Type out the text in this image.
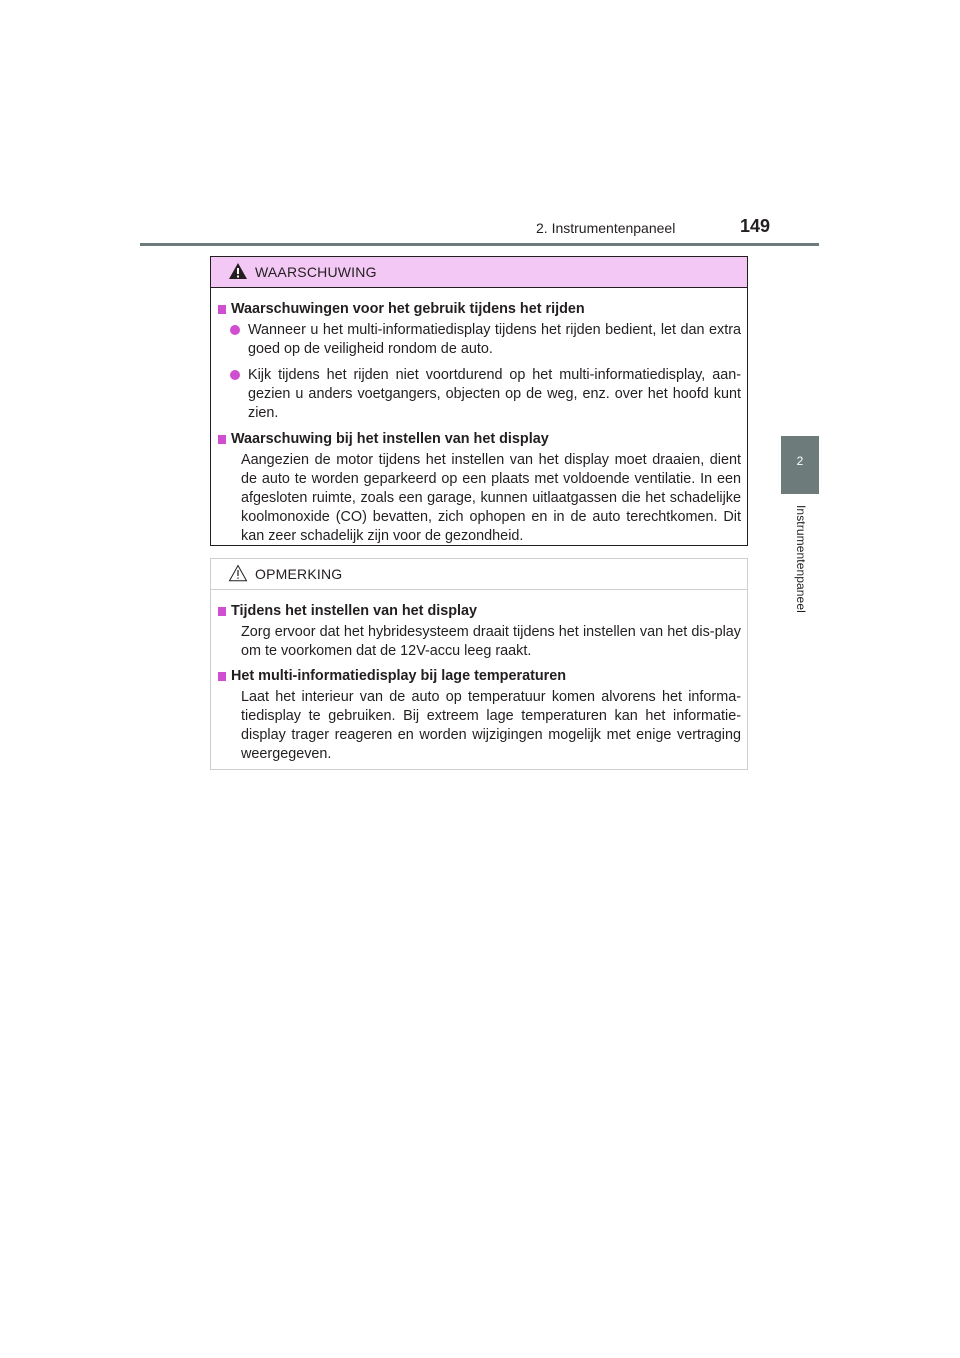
2. Instrumentenpaneel	149
2
Instrumentenpaneel
WAARSCHUWING
Waarschuwingen voor het gebruik tijdens het rijden
Wanneer u het multi-informatiedisplay tijdens het rijden bedient, let dan extra goed op de veiligheid rondom de auto.
Kijk tijdens het rijden niet voortdurend op het multi-informatiedisplay, aan-gezien u anders voetgangers, objecten op de weg, enz. over het hoofd kunt zien.
Waarschuwing bij het instellen van het display
Aangezien de motor tijdens het instellen van het display moet draaien, dient de auto te worden geparkeerd op een plaats met voldoende ventilatie. In een afgesloten ruimte, zoals een garage, kunnen uitlaatgassen die het schadelijke koolmonoxide (CO) bevatten, zich ophopen en in de auto terechtkomen. Dit kan zeer schadelijk zijn voor de gezondheid.
OPMERKING
Tijdens het instellen van het display
Zorg ervoor dat het hybridesysteem draait tijdens het instellen van het dis-play om te voorkomen dat de 12V-accu leeg raakt.
Het multi-informatiedisplay bij lage temperaturen
Laat het interieur van de auto op temperatuur komen alvorens het informa-tiedisplay te gebruiken. Bij extreem lage temperaturen kan het informatie-display trager reageren en worden wijzigingen mogelijk met enige vertraging weergegeven.
